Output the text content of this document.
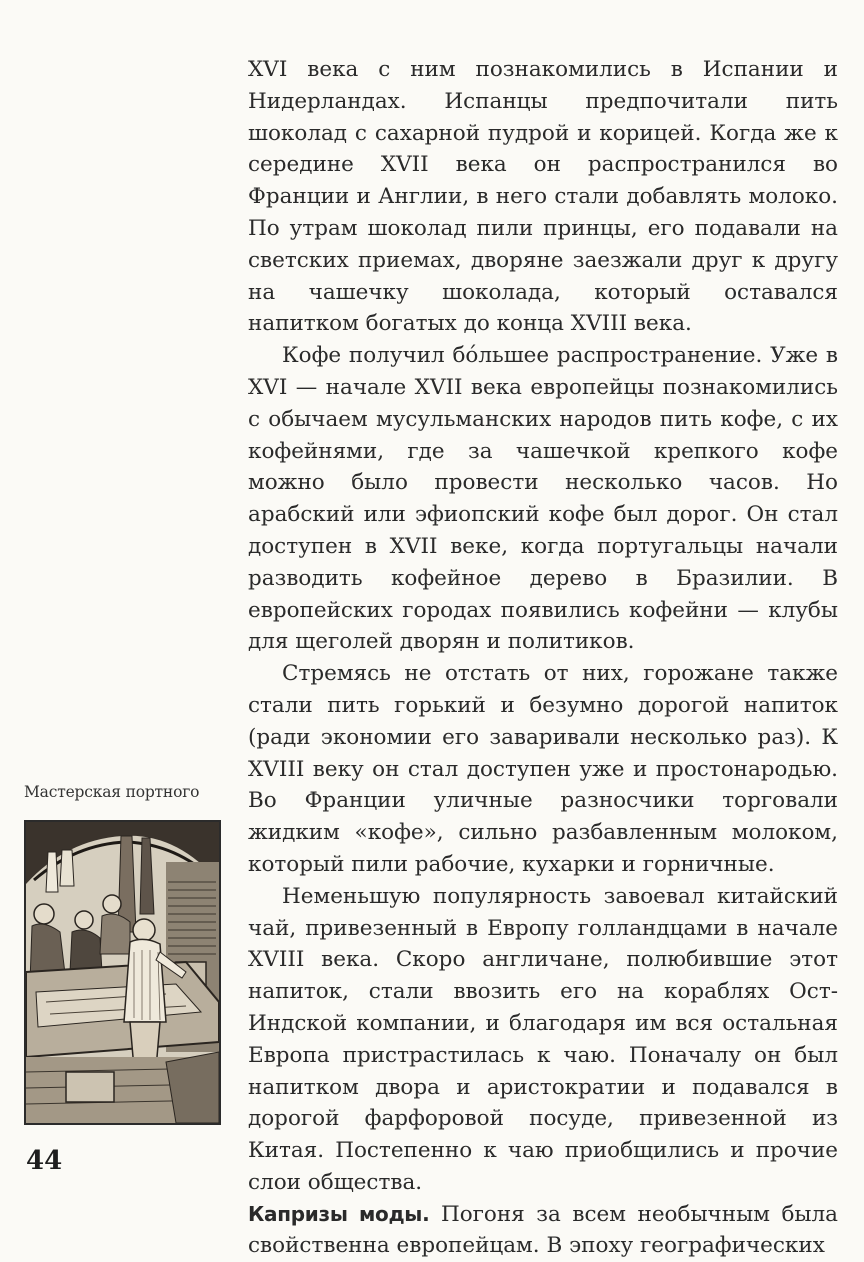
XVI века с ним познакомились в Испании и Нидерландах. Испанцы предпочитали пить шоколад с сахарной пудрой и корицей. Когда же к середине XVII века он распространился во Франции и Англии, в него стали добавлять молоко. По утрам шоколад пили принцы, его подавали на светских приемах, дворяне заезжали друг к другу на чашечку шоколада, который оставался напитком богатых до конца XVIII века.

Кофе получил бо́льшее распространение. Уже в XVI — начале XVII века европейцы познакомились с обычаем мусульманских народов пить кофе, с их кофейнями, где за чашечкой крепкого кофе можно было провести несколько часов. Но арабский или эфиопский кофе был дорог. Он стал доступен в XVII веке, когда португальцы начали разводить кофейное дерево в Бразилии. В европейских городах появились кофейни — клубы для щеголей дворян и политиков.

Стремясь не отстать от них, горожане также стали пить горький и безумно дорогой напиток (ради экономии его заваривали несколько раз). К XVIII веку он стал доступен уже и простонародью. Во Франции уличные разносчики торговали жидким «кофе», сильно разбавленным молоком, который пили рабочие, кухарки и горничные.

Неменьшую популярность завоевал китайский чай, привезенный в Европу голландцами в начале XVIII века. Скоро англичане, полюбившие этот напиток, стали ввозить его на кораблях Ост-Индской компании, и благодаря им вся остальная Европа пристрастилась к чаю. Поначалу он был напитком двора и аристократии и подавался в дорогой фарфоровой посуде, привезенной из Китая. Постепенно к чаю приобщились и прочие слои общества.

Капризы моды. Погоня за всем необычным была свойственна европейцам. В эпоху географических

Мастерская портного
44
